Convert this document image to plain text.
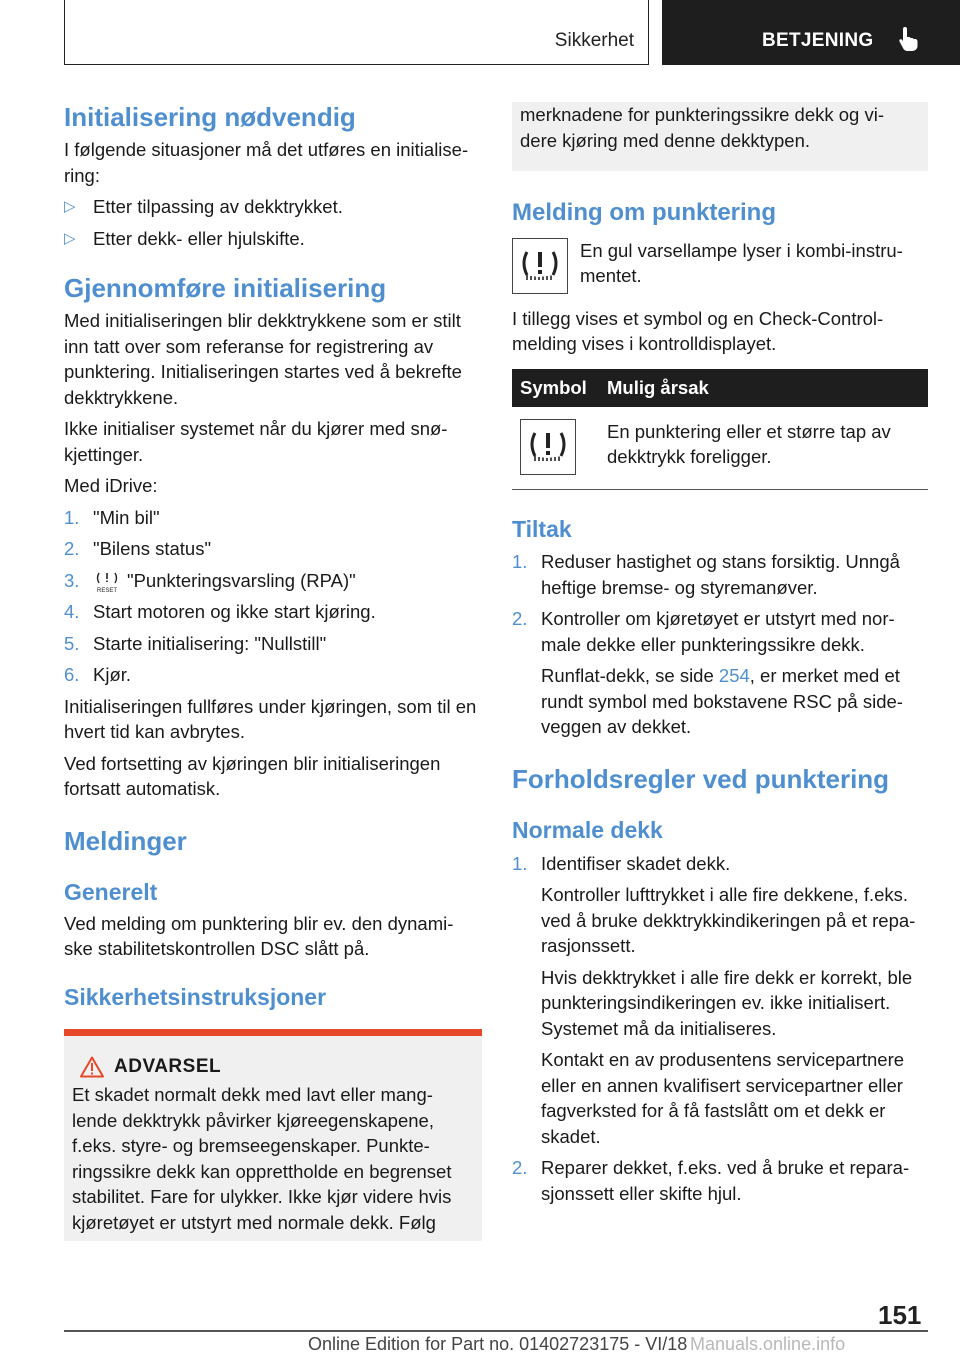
Sikkerhet	BETJENING
Initialisering nødvendig

I følgende situasjoner må det utføres en initialise-ring:

▷ Etter tilpassing av dekktrykket.
▷ Etter dekk- eller hjulskifte.
Gjennomføre initialisering

Med initialiseringen blir dekktrykkene som er stilt inn tatt over som referanse for registrering av punktering. Initialiseringen startes ved å bekrefte dekktrykkene.

Ikke initialiser systemet når du kjører med snø-kjettinger.

Med iDrive:

1. "Min bil"
2. "Bilens status"
3.	RESET "Punkteringsvarsling (RPA)"
4. Start motoren og ikke start kjøring.
5. Starte initialisering: "Nullstill"
6. Kjør.

Initialiseringen fullføres under kjøringen, som til en hvert tid kan avbrytes.

Ved fortsetting av kjøringen blir initialiseringen fortsatt automatisk.

Meldinger
Generelt

Ved melding om punktering blir ev. den dynami-ske stabilitetskontrollen DSC slått på.

Sikkerhetsinstruksjoner
ADVARSEL

Et skadet normalt dekk med lavt eller mang-lende dekktrykk påvirker kjøreegenskapene, f.eks. styre- og bremseegenskaper. Punkte-ringssikre dekk kan opprettholde en begrenset stabilitet. Fare for ulykker. Ikke kjør videre hvis kjøretøyet er utstyrt med normale dekk. Følg

merknadene for punkteringssikre dekk og vi-dere kjøring med denne dekktypen.

Melding om punktering

En gul varsellampe lyser i kombi-instru-mentet.

I tillegg vises et symbol og en Check-Control-melding vises i kontrolldisplayet.

Symbol	Mulig årsak

	En punktering eller et større tap av dekktrykk foreligger.
Tiltak
1. Reduser hastighet og stans forsiktig. Unngå heftige bremse- og styremanøver.
2. Kontroller om kjøretøyet er utstyrt med nor-male dekke eller punkteringssikre dekk.
Runflat-dekk, se side 254, er merket med et rundt symbol med bokstavene RSC på side-veggen av dekket.
Forholdsregler ved punktering
Normale dekk
1. Identifiser skadet dekk.
Kontroller lufttrykket i alle fire dekkene, f.eks. ved å bruke dekktrykkindikeringen på et repa-rasjonssett.
Hvis dekktrykket i alle fire dekk er korrekt, ble punkteringsindikeringen ev. ikke initialisert. Systemet må da initialiseres.
Kontakt en av produsentens servicepartnere eller en annen kvalifisert servicepartner eller fagverksted for å få fastslått om et dekk er skadet.
2. Reparer dekket, f.eks. ved å bruke et repara-sjonssett eller skifte hjul.
151
Online Edition for Part no. 01402723175 - VI/18 Manuals.online.info
